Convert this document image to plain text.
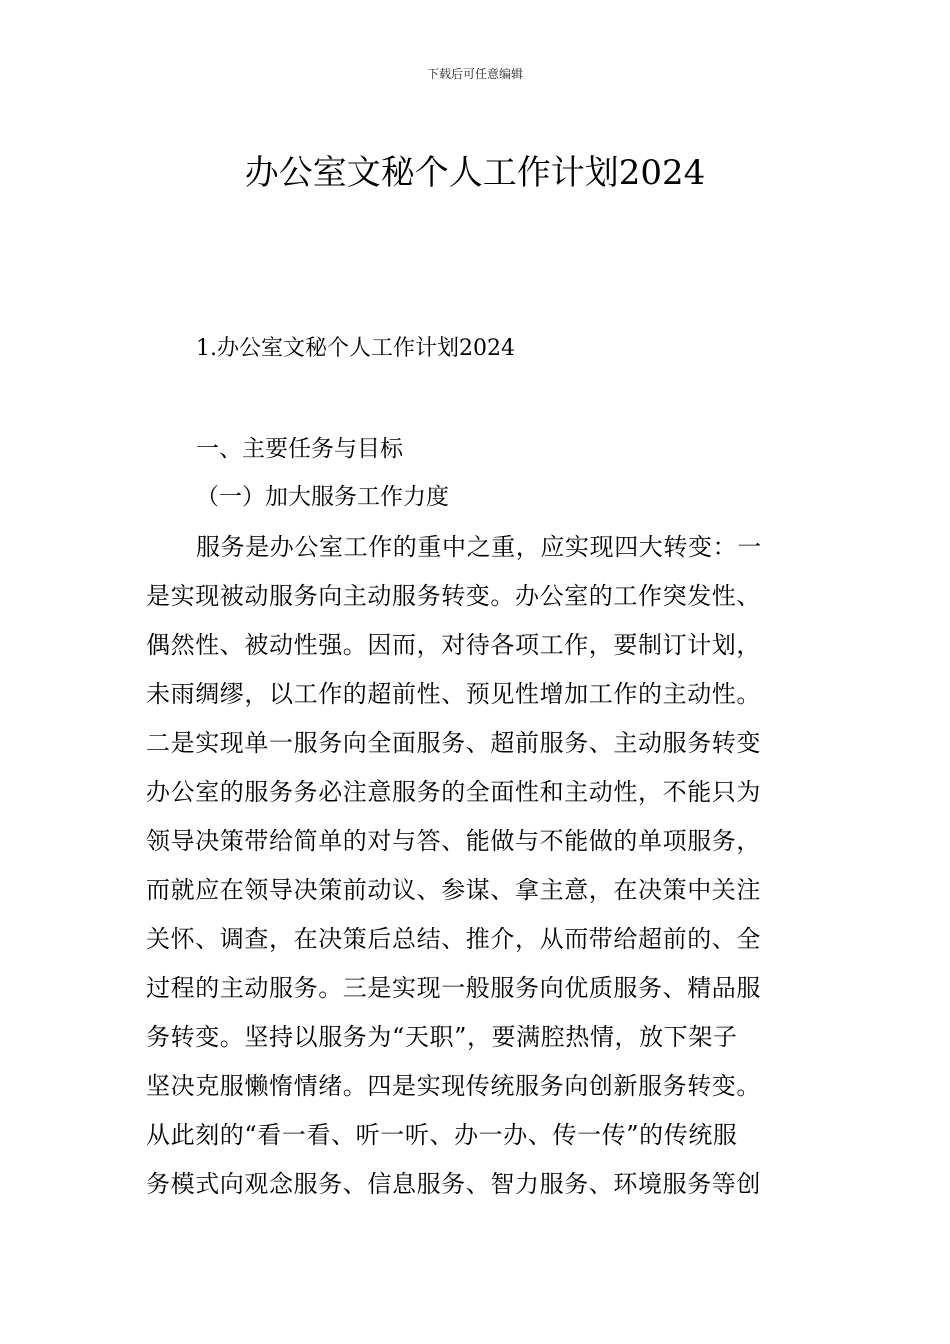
下载后可任意编辑
办公室文秘个人工作计划2024
1.办公室文秘个人工作计划2024
一、主要任务与目标
（一）加大服务工作力度
服务是办公室工作的重中之重，应实现四大转变：一
是实现被动服务向主动服务转变。办公室的工作突发性、
偶然性、被动性强。因而，对待各项工作，要制订计划，
未雨绸缪，以工作的超前性、预见性增加工作的主动性。
二是实现单一服务向全面服务、超前服务、主动服务转变
办公室的服务务必注意服务的全面性和主动性，不能只为
领导决策带给简单的对与答、能做与不能做的单项服务，
而就应在领导决策前动议、参谋、拿主意，在决策中关注
关怀、调查，在决策后总结、推介，从而带给超前的、全
过程的主动服务。三是实现一般服务向优质服务、精品服
务转变。坚持以服务为“天职”，要满腔热情，放下架子
坚决克服懒惰情绪。四是实现传统服务向创新服务转变。
从此刻的“看一看、听一听、办一办、传一传”的传统服
务模式向观念服务、信息服务、智力服务、环境服务等创
